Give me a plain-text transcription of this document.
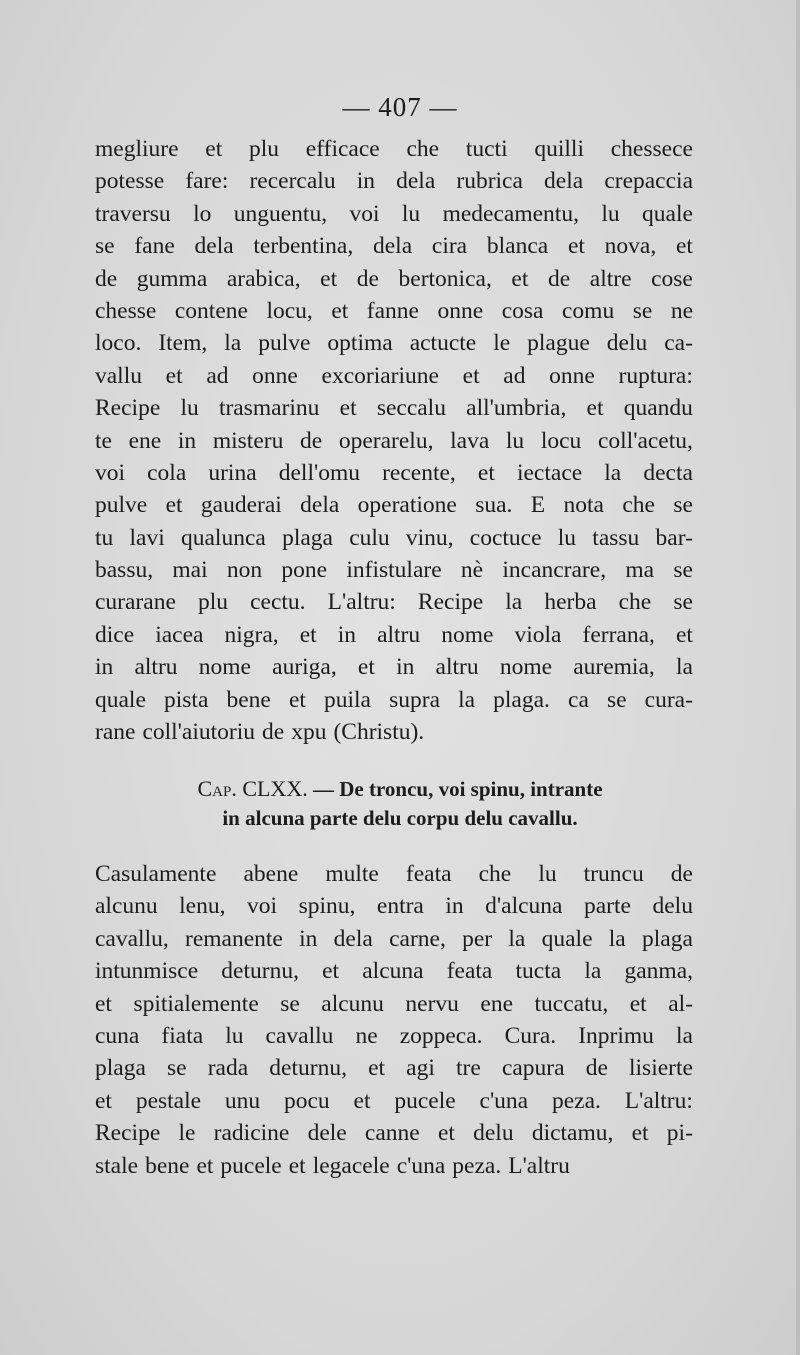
— 407 —
megliure et plu efficace che tucti quilli chessece
potesse fare: recercalu in dela rubrica dela crepaccia
traversu lo unguentu, voi lu medecamentu, lu quale
se fane dela terbentina, dela cira blanca et nova, et
de gumma arabica, et de bertonica, et de altre cose
chesse contene locu, et fanne onne cosa comu se ne
loco. Item, la pulve optima actucte le plague delu ca-
vallu et ad onne excoriariune et ad onne ruptura:
Recipe lu trasmarinu et seccalu all'umbria, et quandu
te ene in misteru de operarelu, lava lu locu coll'acetu,
voi cola urina dell'omu recente, et iectace la decta
pulve et gauderai dela operatione sua. E nota che se
tu lavi qualunca plaga culu vinu, coctuce lu tassu bar-
bassu, mai non pone infistulare nè incancrare, ma se
curarane plu cectu. L'altru: Recipe la herba che se
dice iacea nigra, et in altru nome viola ferrana, et
in altru nome auriga, et in altru nome auremia, la
quale pista bene et puila supra la plaga. ca se cura-
rane coll'aiutoriu de xpu (Christu).
Cap. CLXX. — De troncu, voi spinu, intrante
in alcuna parte delu corpu delu cavallu.
Casulamente abene multe feata che lu truncu de
alcunu lenu, voi spinu, entra in d'alcuna parte delu
cavallu, remanente in dela carne, per la quale la plaga
intunmisce deturnu, et alcuna feata tucta la ganma,
et spitialemente se alcunu nervu ene tuccatu, et al-
cuna fiata lu cavallu ne zoppeca. Cura. Inprimu la
plaga se rada deturnu, et agi tre capura de lisierte
et pestale unu pocu et pucele c'una peza. L'altru:
Recipe le radicine dele canne et delu dictamu, et pi-
stale bene et pucele et legacele c'una peza. L'altru
